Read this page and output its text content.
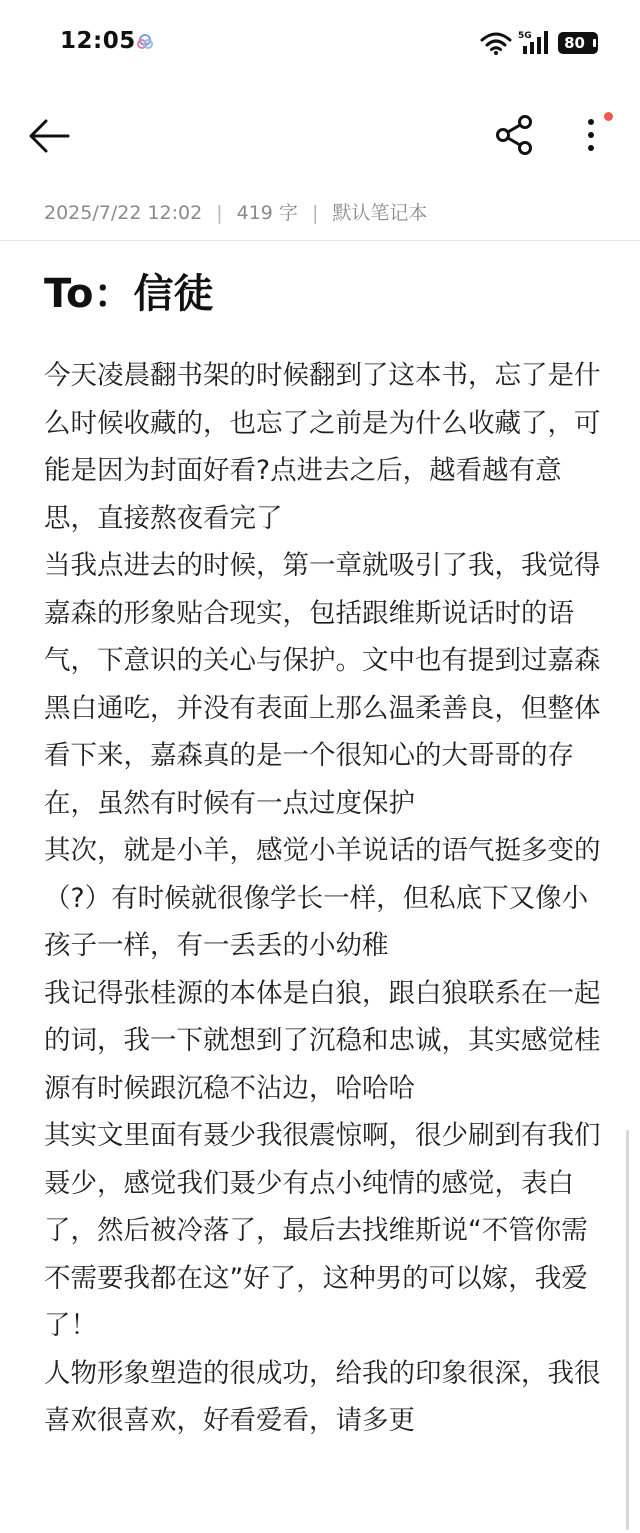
12:05	5G	80
2025/7/22 12:02 | 419 字 | 默认笔记本
To：信徒
今天凌晨翻书架的时候翻到了这本书，忘了是什么时候收藏的，也忘了之前是为什么收藏了，可能是因为封面好看?点进去之后，越看越有意思，直接熬夜看完了
当我点进去的时候，第一章就吸引了我，我觉得嘉森的形象贴合现实，包括跟维斯说话时的语气，下意识的关心与保护。文中也有提到过嘉森黑白通吃，并没有表面上那么温柔善良，但整体看下来，嘉森真的是一个很知心的大哥哥的存在，虽然有时候有一点过度保护
其次，就是小羊，感觉小羊说话的语气挺多变的（?）有时候就很像学长一样，但私底下又像小孩子一样，有一丢丢的小幼稚
我记得张桂源的本体是白狼，跟白狼联系在一起的词，我一下就想到了沉稳和忠诚，其实感觉桂源有时候跟沉稳不沾边，哈哈哈
其实文里面有聂少我很震惊啊，很少刷到有我们聂少，感觉我们聂少有点小纯情的感觉，表白了，然后被冷落了，最后去找维斯说“不管你需不需要我都在这”好了，这种男的可以嫁，我爱了！
人物形象塑造的很成功，给我的印象很深，我很喜欢很喜欢，好看爱看，请多更
